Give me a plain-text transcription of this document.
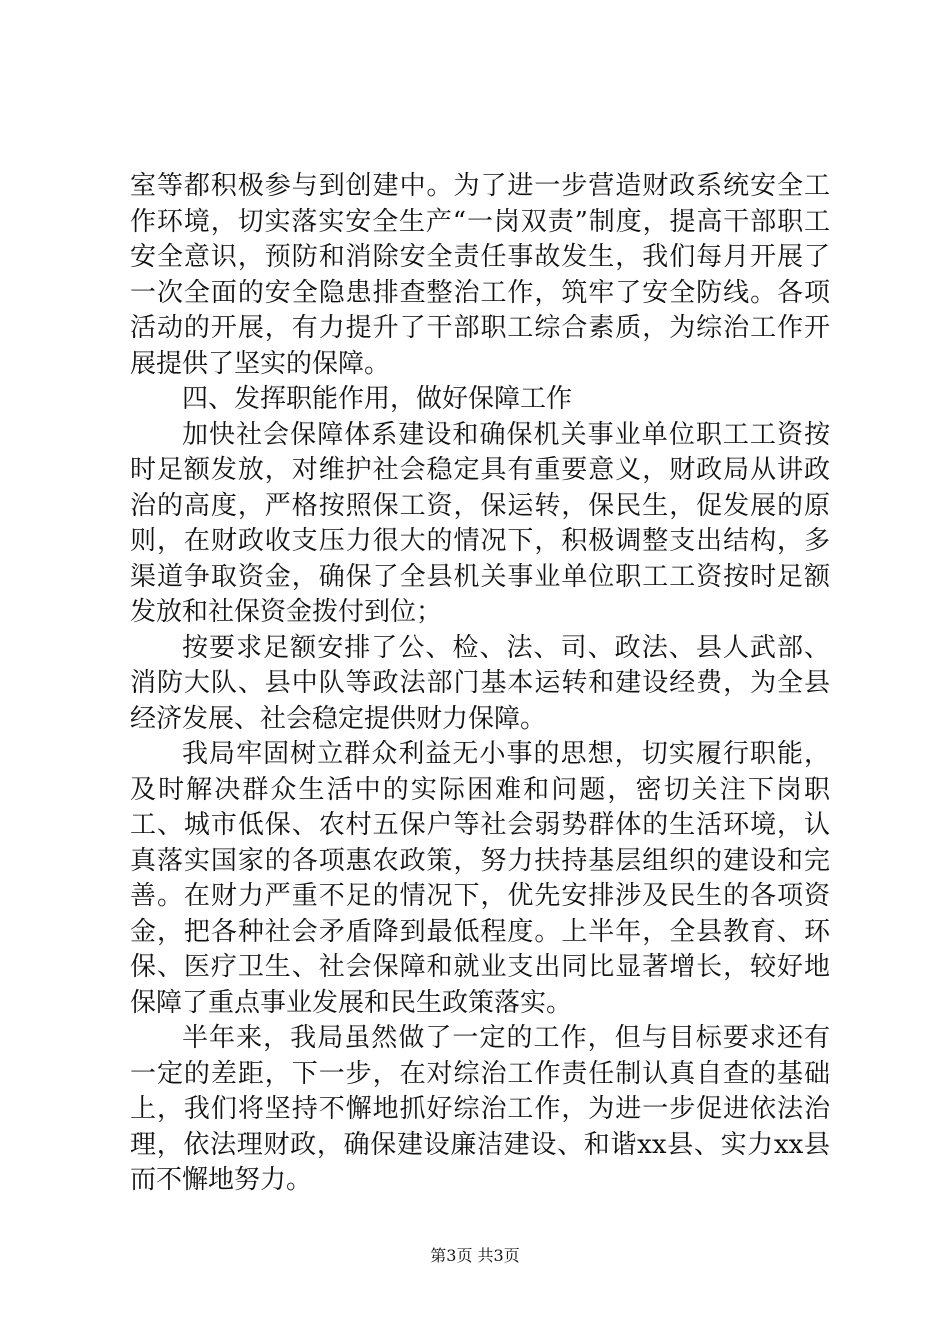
室等都积极参与到创建中。为了进一步营造财政系统安全工作环境，切实落实安全生产“一岗双责”制度，提高干部职工安全意识，预防和消除安全责任事故发生，我们每月开展了一次全面的安全隐患排查整治工作，筑牢了安全防线。各项活动的开展，有力提升了干部职工综合素质，为综治工作开展提供了坚实的保障。

四、发挥职能作用，做好保障工作

加快社会保障体系建设和确保机关事业单位职工工资按时足额发放，对维护社会稳定具有重要意义，财政局从讲政治的高度，严格按照保工资，保运转，保民生，促发展的原则，在财政收支压力很大的情况下，积极调整支出结构，多渠道争取资金，确保了全县机关事业单位职工工资按时足额发放和社保资金拨付到位；

按要求足额安排了公、检、法、司、政法、县人武部、消防大队、县中队等政法部门基本运转和建设经费，为全县经济发展、社会稳定提供财力保障。

我局牢固树立群众利益无小事的思想，切实履行职能，及时解决群众生活中的实际困难和问题，密切关注下岗职工、城市低保、农村五保户等社会弱势群体的生活环境，认真落实国家的各项惠农政策，努力扶持基层组织的建设和完善。在财力严重不足的情况下，优先安排涉及民生的各项资金，把各种社会矛盾降到最低程度。上半年，全县教育、环保、医疗卫生、社会保障和就业支出同比显著增长，较好地保障了重点事业发展和民生政策落实。

半年来，我局虽然做了一定的工作，但与目标要求还有一定的差距，下一步，在对综治工作责任制认真自查的基础上，我们将坚持不懈地抓好综治工作，为进一步促进依法治理，依法理财政，确保建设廉洁建设、和谐xx县、实力xx县而不懈地努力。

第3页 共3页
